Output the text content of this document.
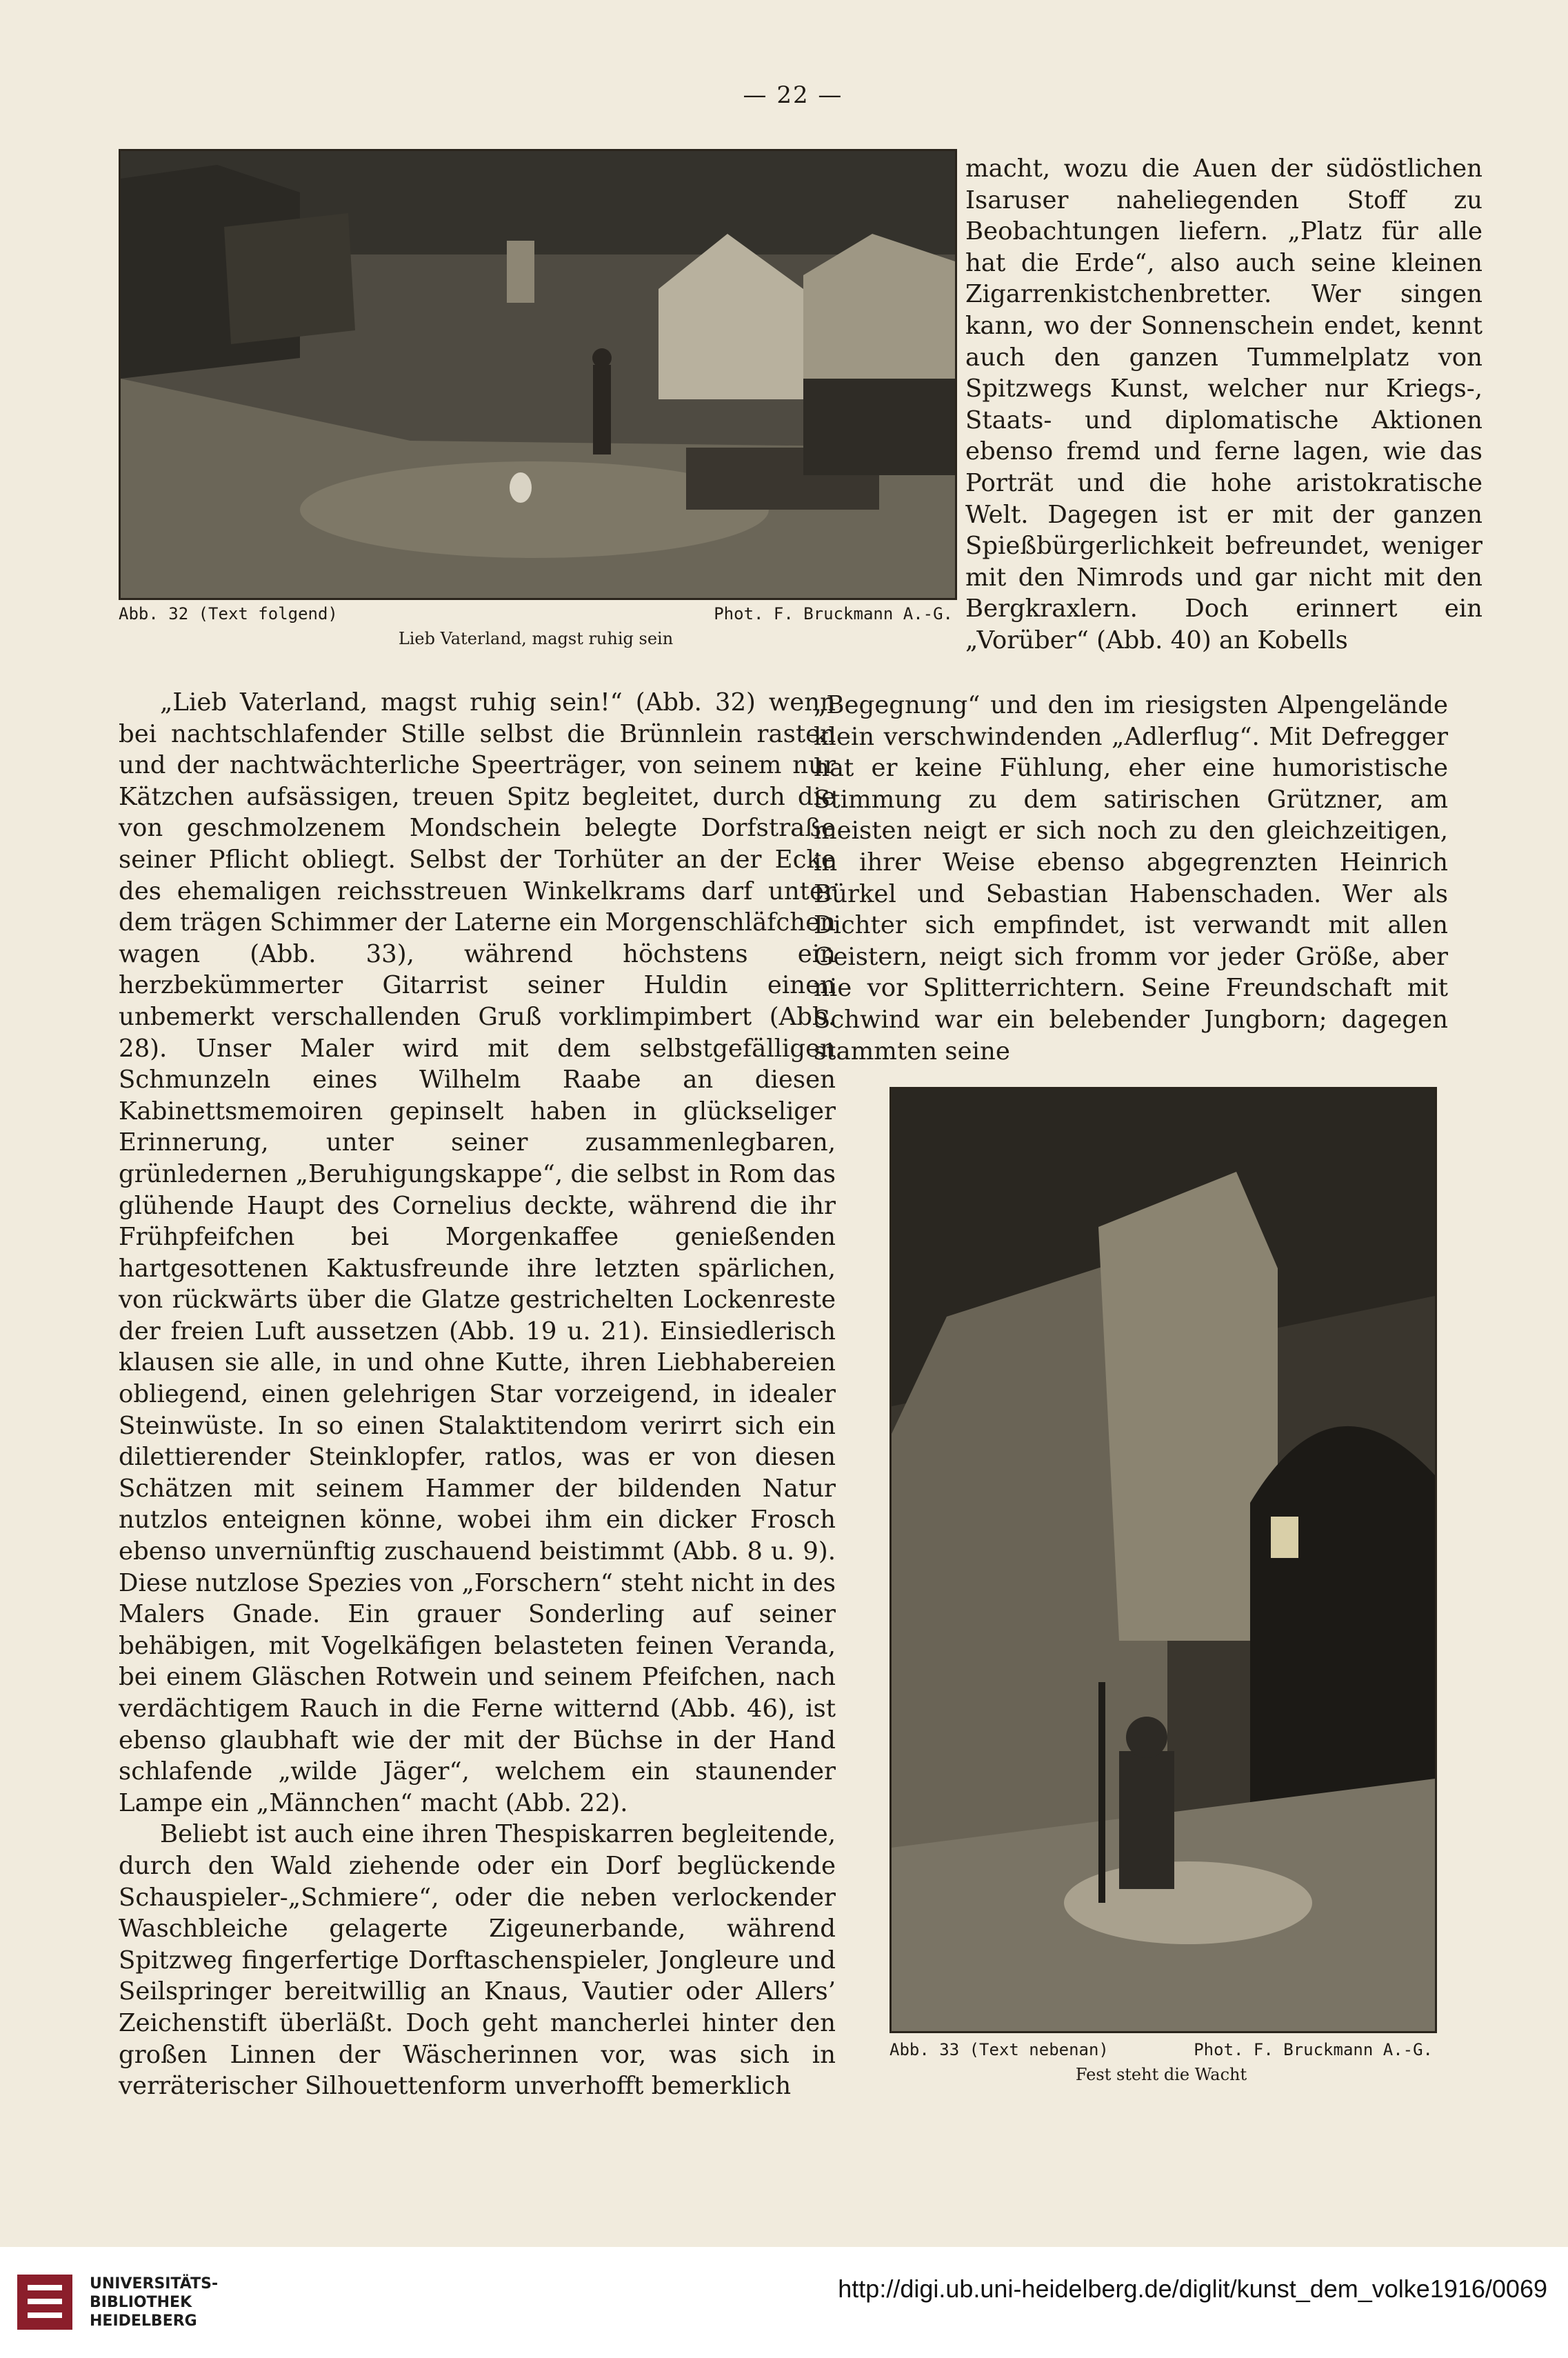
— 22 —
Abb. 32 (Text folgend)	Phot. F. Bruckmann A.-G.
Lieb Vaterland, magst ruhig sein

macht, wozu die Auen der südöstlichen Isaruser naheliegenden Stoff zu Beobachtungen liefern. „Platz für alle hat die Erde“, also auch seine kleinen Zigarrenkistchenbretter. Wer singen kann, wo der Sonnenschein endet, kennt auch den ganzen Tummelplatz von Spitzwegs Kunst, welcher nur Kriegs-, Staats- und diplomatische Aktionen ebenso fremd und ferne lagen, wie das Porträt und die hohe aristokratische Welt. Dagegen ist er mit der ganzen Spießbürgerlichkeit befreundet, weniger mit den Nimrods und gar nicht mit den Bergkraxlern. Doch erinnert ein „Vorüber“ (Abb. 40) an Kobells

„Begegnung“ und den im riesigsten Alpengelände klein verschwindenden „Adlerflug“. Mit Defregger hat er keine Fühlung, eher eine humoristische Stimmung zu dem satirischen Grützner, am meisten neigt er sich noch zu den gleichzeitigen, in ihrer Weise ebenso abgegrenzten Heinrich Bürkel und Sebastian Habenschaden. Wer als Dichter sich empfindet, ist verwandt mit allen Geistern, neigt sich fromm vor jeder Größe, aber nie vor Splitterrichtern. Seine Freundschaft mit Schwind war ein belebender Jungborn; dagegen stammten seine

„Lieb Vaterland, magst ruhig sein!“ (Abb. 32) wenn bei nachtschlafender Stille selbst die Brünnlein rasten und der nachtwächterliche Speerträger, von seinem nur Kätzchen aufsässigen, treuen Spitz begleitet, durch die von geschmolzenem Mondschein belegte Dorfstraße seiner Pflicht obliegt. Selbst der Torhüter an der Ecke des ehemaligen reichsstreuen Winkelkrams darf unter dem trägen Schimmer der Laterne ein Morgenschläfchen wagen (Abb. 33), während höchstens ein herzbekümmerter Gitarrist seiner Huldin einen unbemerkt verschallenden Gruß vorklimpimbert (Abb. 28). Unser Maler wird mit dem selbstgefälligen Schmunzeln eines Wilhelm Raabe an diesen Kabinettsmemoiren gepinselt haben in glückseliger Erinnerung, unter seiner zusammenlegbaren, grünledernen „Beruhigungskappe“, die selbst in Rom das glühende Haupt des Cornelius deckte, während die ihr Frühpfeifchen bei Morgenkaffee genießenden hartgesottenen Kaktusfreunde ihre letzten spärlichen, von rückwärts über die Glatze gestrichelten Lockenreste der freien Luft aussetzen (Abb. 19 u. 21). Einsiedlerisch klausen sie alle, in und ohne Kutte, ihren Liebhabereien obliegend, einen gelehrigen Star vorzeigend, in idealer Steinwüste. In so einen Stalaktitendom verirrt sich ein dilettierender Steinklopfer, ratlos, was er von diesen Schätzen mit seinem Hammer der bildenden Natur nutzlos enteignen könne, wobei ihm ein dicker Frosch ebenso unvernünftig zuschauend beistimmt (Abb. 8 u. 9). Diese nutzlose Spezies von „Forschern“ steht nicht in des Malers Gnade. Ein grauer Sonderling auf seiner behäbigen, mit Vogelkäfigen belasteten feinen Veranda, bei einem Gläschen Rotwein und seinem Pfeifchen, nach verdächtigem Rauch in die Ferne witternd (Abb. 46), ist ebenso glaubhaft wie der mit der Büchse in der Hand schlafende „wilde Jäger“, welchem ein staunender Lampe ein „Männchen“ macht (Abb. 22).

Beliebt ist auch eine ihren Thespiskarren begleitende, durch den Wald ziehende oder ein Dorf beglückende Schauspieler-„Schmiere“, oder die neben verlockender Waschbleiche gelagerte Zigeunerbande, während Spitzweg fingerfertige Dorftaschenspieler, Jongleure und Seilspringer bereitwillig an Knaus, Vautier oder Allers’ Zeichenstift überläßt. Doch geht mancherlei hinter den großen Linnen der Wäscherinnen vor, was sich in verräterischer Silhouettenform unverhofft bemerklich

Abb. 33 (Text nebenan)	Phot. F. Bruckmann A.-G.
Fest steht die Wacht
UNIVERSITÄTS-
BIBLIOTHEK
HEIDELBERG
http://digi.ub.uni-heidelberg.de/diglit/kunst_dem_volke1916/0069
